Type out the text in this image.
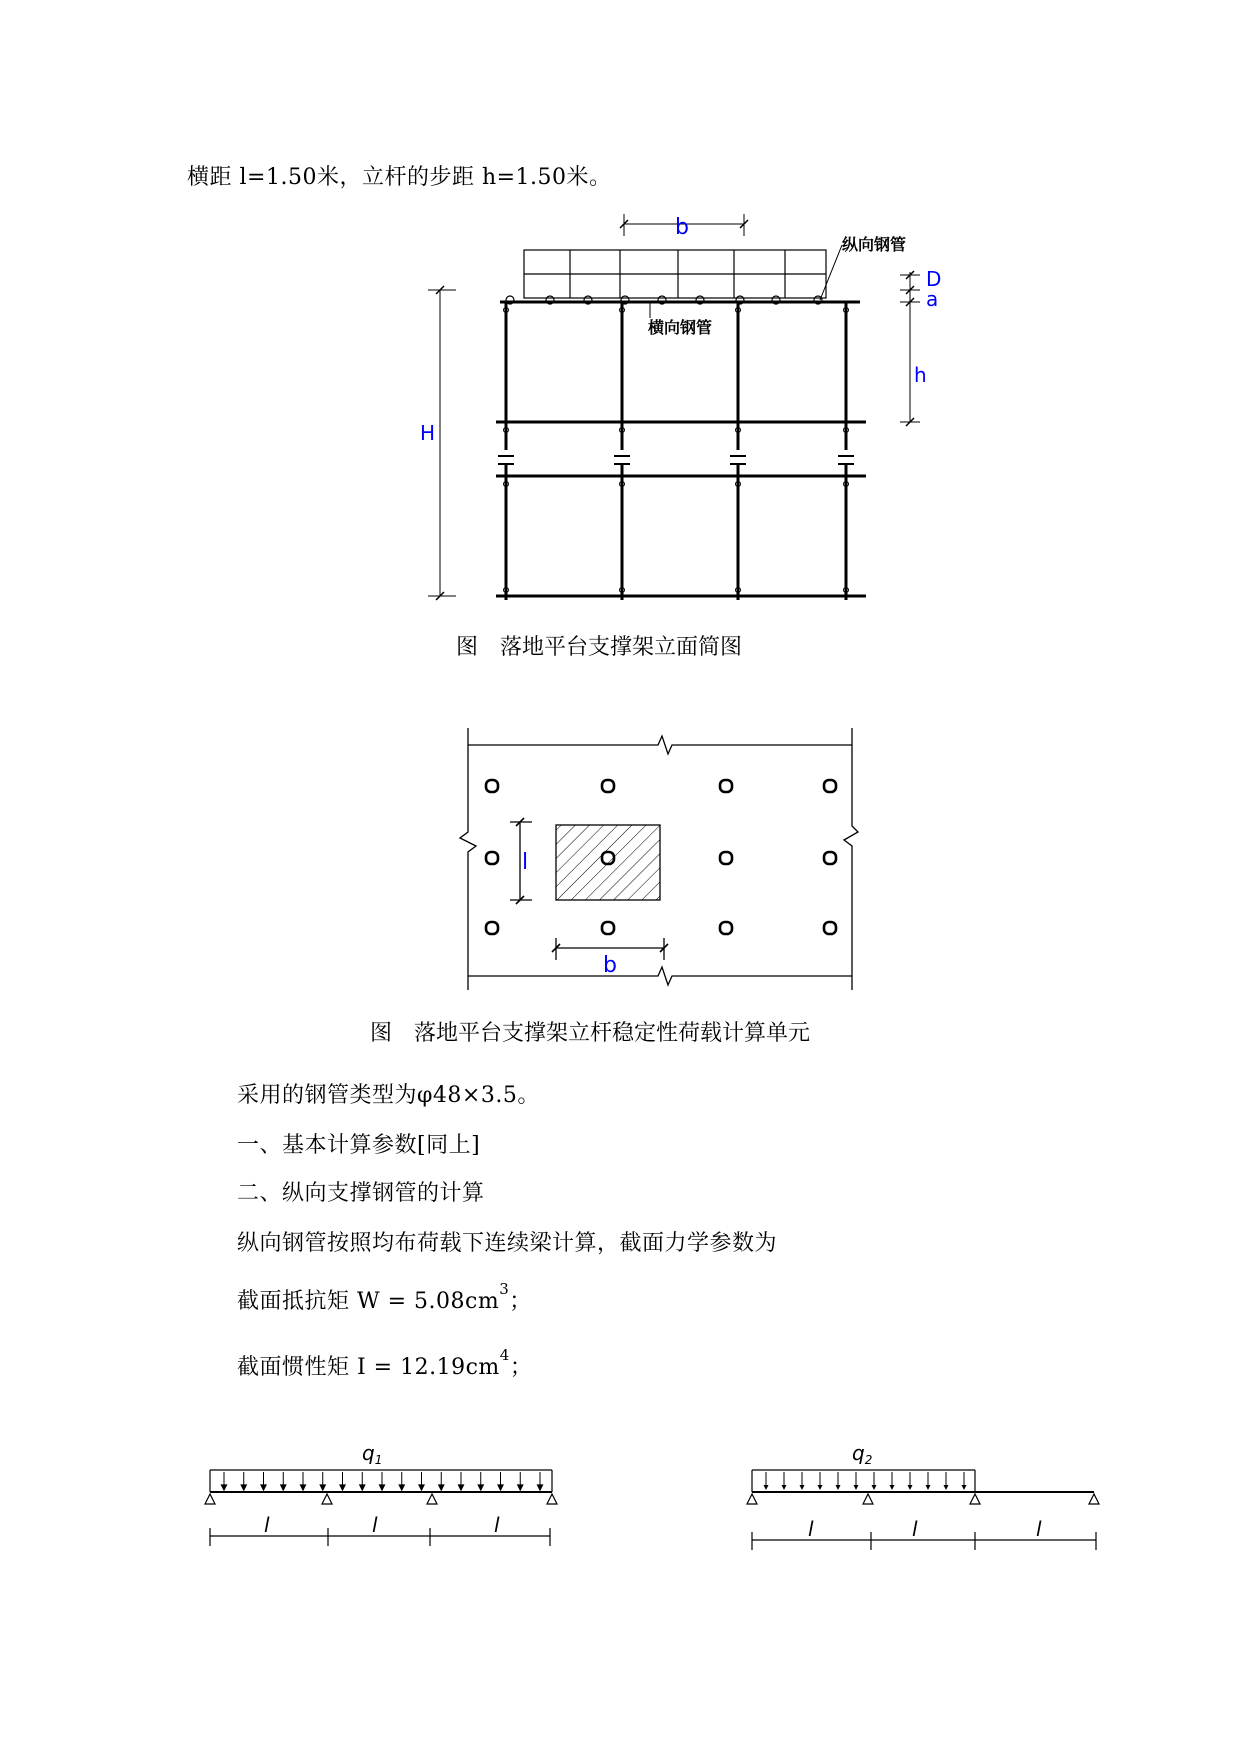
横距 l=1.50米，立杆的步距 h=1.50米。
b
纵向钢管
横向钢管
D
a
h
H
图　落地平台支撑架立面简图
l
b
图　落地平台支撑架立杆稳定性荷载计算单元
采用的钢管类型为φ48×3.5。
一、基本计算参数[同上]
二、纵向支撑钢管的计算
纵向钢管按照均布荷载下连续梁计算，截面力学参数为
截面抵抗矩 $W = 5.08cm^3$；
截面惯性矩 $I = 12.19cm^4$；
$q_1$	$q_2$
l	l	l	l	l	l
